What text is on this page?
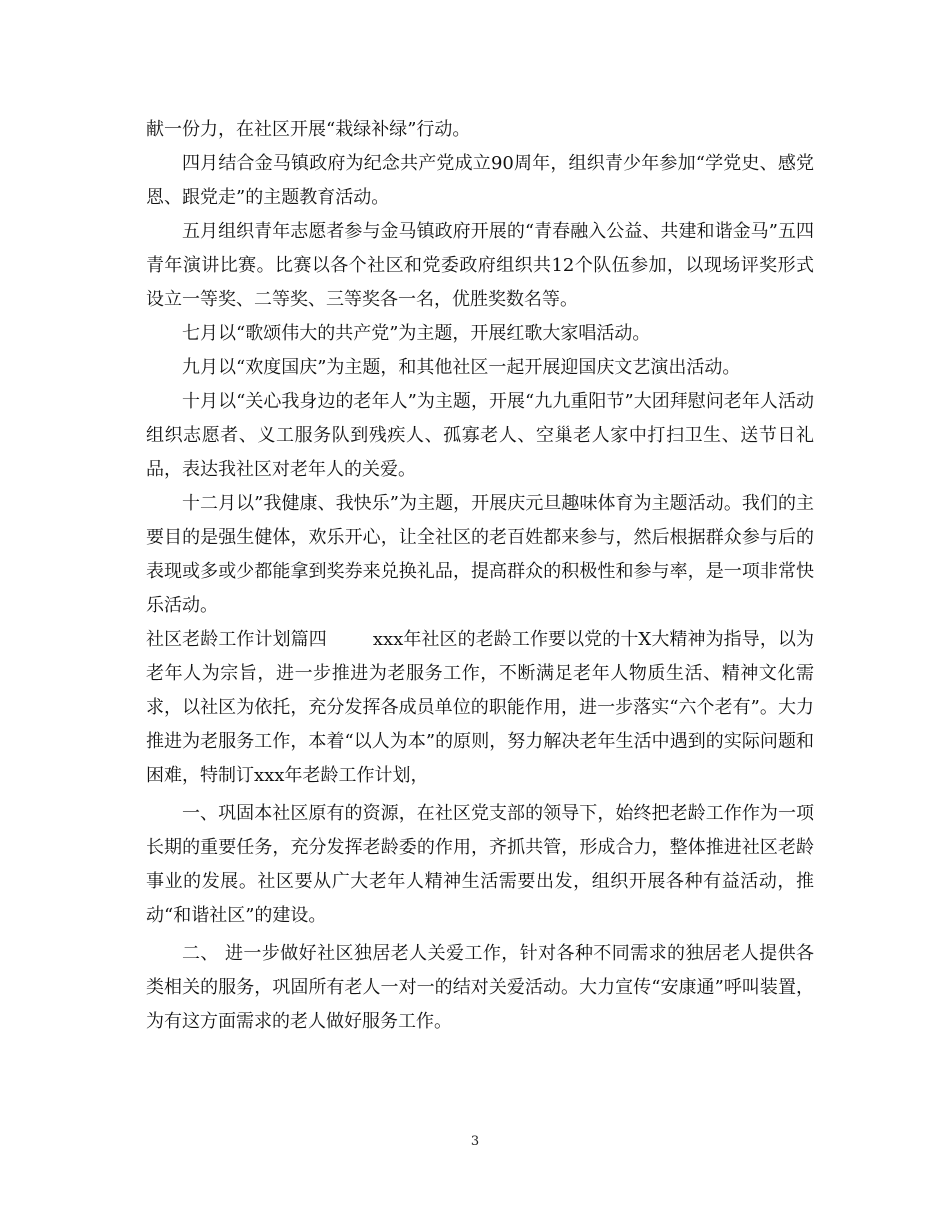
献一份力，在社区开展“栽绿补绿”行动。

四月结合金马镇政府为纪念共产党成立90周年，组织青少年参加“学党史、感党恩、跟党走”的主题教育活动。

五月组织青年志愿者参与金马镇政府开展的“青春融入公益、共建和谐金马”五四青年演讲比赛。比赛以各个社区和党委政府组织共12个队伍参加，以现场评奖形式设立一等奖、二等奖、三等奖各一名，优胜奖数名等。

七月以“歌颂伟大的共产党”为主题，开展红歌大家唱活动。

九月以“欢度国庆”为主题，和其他社区一起开展迎国庆文艺演出活动。

十月以“关心我身边的老年人”为主题，开展“九九重阳节”大团拜慰问老年人活动组织志愿者、义工服务队到残疾人、孤寡老人、空巢老人家中打扫卫生、送节日礼品，表达我社区对老年人的关爱。

十二月以”我健康、我快乐”为主题，开展庆元旦趣味体育为主题活动。我们的主要目的是强生健体，欢乐开心，让全社区的老百姓都来参与，然后根据群众参与后的表现或多或少都能拿到奖券来兑换礼品，提高群众的积极性和参与率，是一项非常快乐活动。

社区老龄工作计划篇四	xxx年社区的老龄工作要以党的十X大精神为指导，以为老年人为宗旨，进一步推进为老服务工作，不断满足老年人物质生活、精神文化需求，以社区为依托，充分发挥各成员单位的职能作用，进一步落实“六个老有”。大力推进为老服务工作，本着“以人为本”的原则，努力解决老年生活中遇到的实际问题和困难，特制订xxx年老龄工作计划，

一、巩固本社区原有的资源，在社区党支部的领导下，始终把老龄工作作为一项长期的重要任务，充分发挥老龄委的作用，齐抓共管，形成合力，整体推进社区老龄事业的发展。社区要从广大老年人精神生活需要出发，组织开展各种有益活动，推动“和谐社区”的建设。

二、 进一步做好社区独居老人关爱工作，针对各种不同需求的独居老人提供各类相关的服务，巩固所有老人一对一的结对关爱活动。大力宣传“安康通”呼叫装置，为有这方面需求的老人做好服务工作。

3
